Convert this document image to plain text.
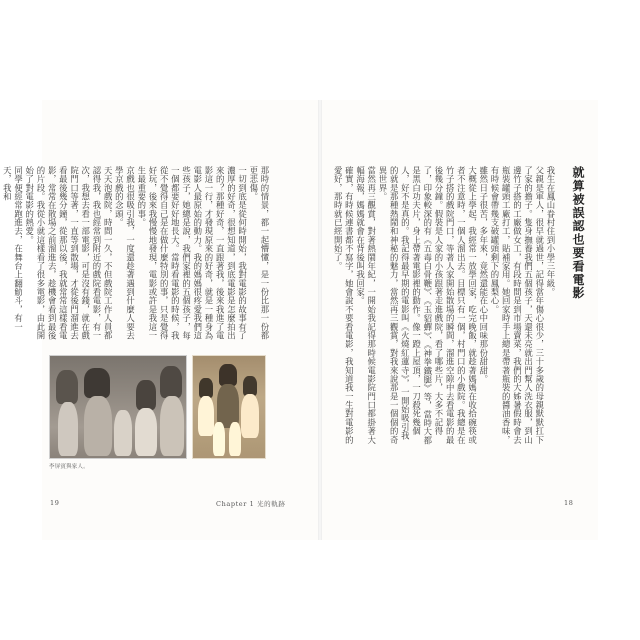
就算被誤認也要看電影
我生在鳳山眷村住到小學三年級。
父親是軍人，很早就過世，記得當年傷心很少，三十多歲的母親默默扛下了家的擔子。隻身撫養我們五個孩子，天還未亮就出門幫人洗衣服，到山邊竹子搭的工廠做女工，有段時間是到市場賣菜，我們的大姊暑假時會去瓶裝罐頭工廠打工，貼補家用。她回家時手上總是帶著瓶裝的醬油香味，有時候會帶幾支破罐頭剩下的鳳梨心。
雖然日子很苦，多年來，竟然還能在心中回味那份甜甜。
大概從上學起，我經常一放學回家，吃完晚飯，就趁著媽媽在收拾碗筷或者不注意時，一個人溜出去。目標只有一個，村門口的小戲院。我總是在竹子搭的戲院門口，等著人家開始散場的瞬間，溜進空隙中去看電影的最後幾分鐘。假裝是人家的小孩跟著走進戲院，看了哪些片，大多不記得了，印象較深的有《五毒白骨鞭》、《玉貂蟬》、《神拳鐵腿》等，當時大都是黑白功夫片，身上帶著電影裡的動作。像一蹬上屋頂，一刀殺死幾個人，好不是真的。我記得最早期的電影叫《火燒紅蓮寺》，一開始吸引我的就是那種熱鬧和神秘的魅力，當然再三觀賞，對我來說那是一個個的奇異世界。
當然再三觀賞，對著熱鬧年紀，一開始我記得那時候電影院門口都掛著大幅海報，媽媽就會在背後叫我回家。
確實，有時候連書都不寫字，她會說不要看電影，我知道我一生對電影的愛好，那時就已經開始了。
那時的情景，都一起懵懂，是一份比那一份都更悲傷。
一切到底是從何時開始，我對電影的故事有了濃厚的好奇，很想知道，到底電影是怎麼拍出來的？那種好奇，一直跟著我，後來我進了電影這一行，才發現原來的好奇，就是一種身為電影人最原始的動力。我的媽媽很疼愛我們這些孩子，她總是說，我們家裡的五個孩子，每一個都要好好地長大。當時看電影的時候，我從不覺得自己是在做什麼特別的事，只是覺得好玩，後來我慢慢地發現，電影或許是我這一生最重要的事。
京戲也很吸引我，一度還趁著遇到什麼人要去學京戲的念頭。
天天泡戲院，時間一久，不但戲院工作人員都認得我，我也經常到附近的戲院看電影，有一次，我想去看一部電影，可是沒有錢，就在戲院門口等著，一直等到散場，才從後門溜進去看最後幾分鐘，從那以後，我就常常這樣看電影，常常在散場之前溜進去，趁機會看到最後的片段。我從小就這樣看了很多電影，由此開始了對電影的熱愛。
同學便經常跑進去，在舞台上翻觔斗，有一天，我和
李屏賓與家人。
19	Chapter 1 光的軌跡	18
